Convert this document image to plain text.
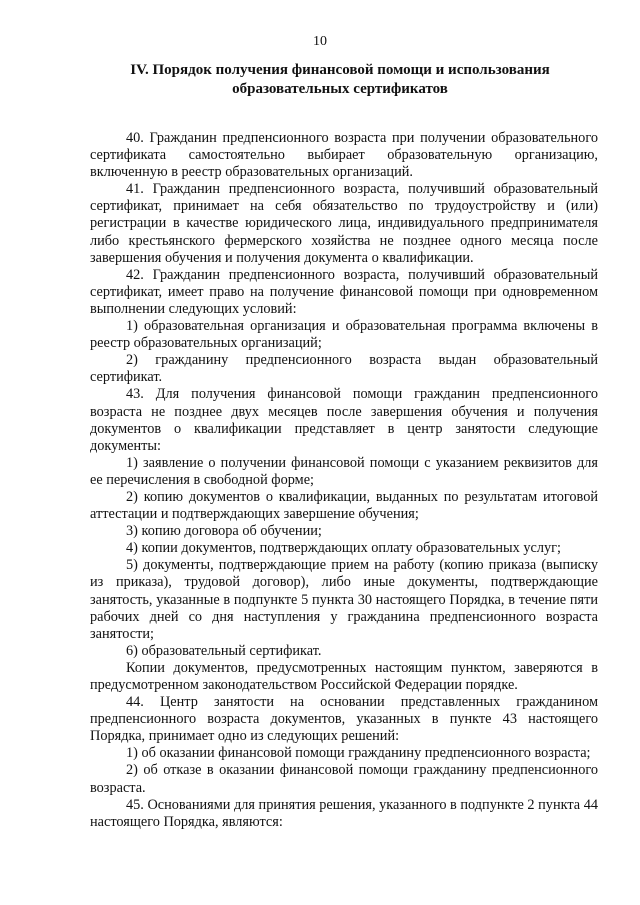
10
IV. Порядок получения финансовой помощи и использования
образовательных сертификатов

40. Гражданин предпенсионного возраста при получении образовательного сертификата самостоятельно выбирает образовательную организацию, включенную в реестр образовательных организаций.

41. Гражданин предпенсионного возраста, получивший образовательный сертификат, принимает на себя обязательство по трудоустройству и (или) регистрации в качестве юридического лица, индивидуального предпринимателя либо крестьянского фермерского хозяйства не позднее одного месяца после завершения обучения и получения документа о квалификации.

42. Гражданин предпенсионного возраста, получивший образовательный сертификат, имеет право на получение финансовой помощи при одновременном выполнении следующих условий:

1) образовательная организация и образовательная программа включены в реестр образовательных организаций;

2) гражданину предпенсионного возраста выдан образовательный сертификат.

43. Для получения финансовой помощи гражданин предпенсионного возраста не позднее двух месяцев после завершения обучения и получения документов о квалификации представляет в центр занятости следующие документы:

1) заявление о получении финансовой помощи с указанием реквизитов для ее перечисления в свободной форме;

2) копию документов о квалификации, выданных по результатам итоговой аттестации и подтверждающих завершение обучения;

3) копию договора об обучении;

4) копии документов, подтверждающих оплату образовательных услуг;

5) документы, подтверждающие прием на работу (копию приказа (выписку из приказа), трудовой договор), либо иные документы, подтверждающие занятость, указанные в подпункте 5 пункта 30 настоящего Порядка, в течение пяти рабочих дней со дня наступления у гражданина предпенсионного возраста занятости;

6) образовательный сертификат.

Копии документов, предусмотренных настоящим пунктом, заверяются в предусмотренном законодательством Российской Федерации порядке.

44. Центр занятости на основании представленных гражданином предпенсионного возраста документов, указанных в пункте 43 настоящего Порядка, принимает одно из следующих решений:

1) об оказании финансовой помощи гражданину предпенсионного возраста;

2) об отказе в оказании финансовой помощи гражданину предпенсионного возраста.

45. Основаниями для принятия решения, указанного в подпункте 2 пункта 44 настоящего Порядка, являются:
